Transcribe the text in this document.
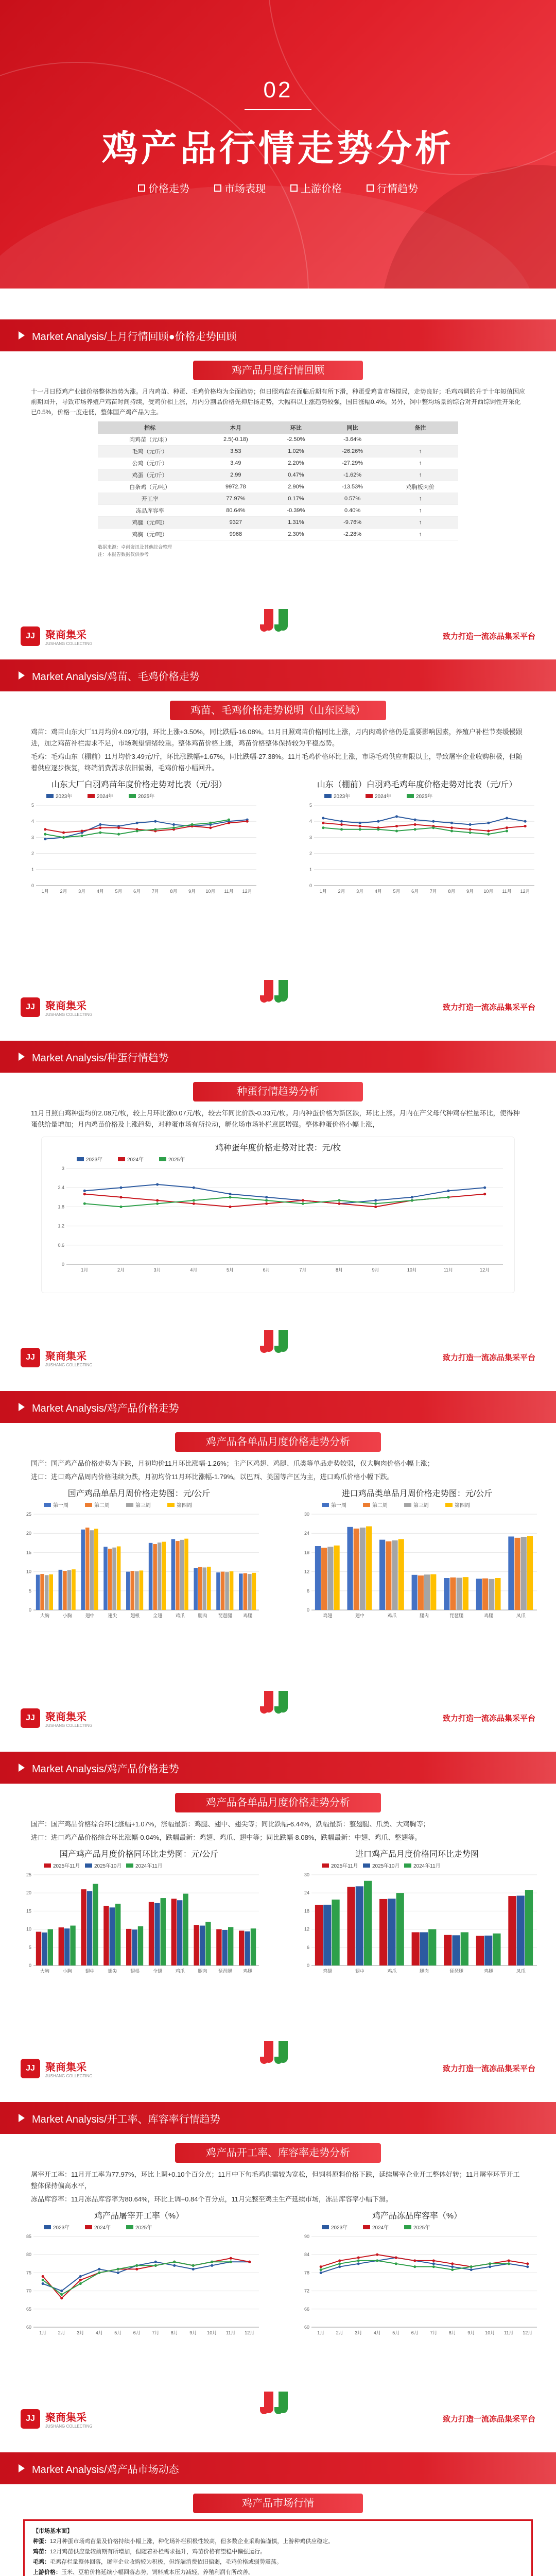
02
鸡产品行情走势分析
价格走势	市场表现	上游价格	行情趋势
Market Analysis/上月行情回顾●价格走势回顾
鸡产品月度行情回顾
十一月日照鸡产业链价格整体趋势为涨。月内鸡苗、种蛋、毛鸡价格均为全面趋势；但日照鸡苗在面临后期有所下滑，种蛋受鸡苗市场搅局，走势良好；毛鸡鸡调的升于十年短值因应前期回升，导致市场养殖户鸡苗时间持续，受鸡价相上涨，月内分割品价格先抑后扬走势，大幅料以上涨趋势较强，国日涨幅0.4%。另外，饲中整均场景的综合对开西综饲性开采化已0.5%，价格一度走低，整体国产鸡产品为主。
指标	本月	环比	同比	备注
肉鸡苗（元/羽）	2.5(-0.18)	-2.50%	-3.64%	
毛鸡（元/斤）	3.53	1.02%	-26.26%	↑
公鸡（元/斤）	3.49	2.20%	-27.29%	↑
鸡蛋（元/斤）	2.99	0.47%	-1.62%	↑
白条鸡（元/吨）	9972.78	2.90%	-13.53%	鸡胸板肉价
开工率	77.97%	0.17%	0.57%	↑
冻品库容率	80.64%	-0.39%	0.40%	↑
鸡腿（元/吨）	9327	1.31%	-9.76%	↑
鸡胸（元/吨）	9968	2.30%	-2.28%	↑
数据来源：卓创资讯及其他综合整理
注：本报告数据仅供参考
JJ	聚商集采
JUSHANG COLLECTING
致力打造一流冻品集采平台
Market Analysis/鸡苗、毛鸡价格走势
鸡苗、毛鸡价格走势说明（山东区域）

鸡苗：鸡苗山东大厂11月均价4.09元/羽，环比上涨+3.50%，同比跌幅-16.08%。11月日照鸡苗价格同比上涨，月内肉鸡价格仍是重要影响因素，养殖户补栏节奏缓慢跟进，加之鸡苗补栏需求不足，市场观望情绪较重。整体鸡苗价格上涨，鸡苗价格整体保持较为平稳态势。

毛鸡：毛鸡山东（棚前）11月均价3.49元/斤，环比涨跌幅+1.67%，同比跌幅-27.38%。11月毛鸡价格环比上涨，市场毛鸡供应有限以上，导致屠宰企业收购积极，但随着供应逐步恢复，终端消费需求依旧偏弱，毛鸡价格小幅回升。

山东大厂白羽鸡苗年度价格走势对比表（元/羽）
2023年	2024年	2025年
0
1
2
3
4
5
1月 2月 3月 4月 5月 6月 7月 8月 9月 10月 11月 12月
山东（棚前）白羽鸡毛鸡年度价格走势对比表（元/斤）
2023年	2024年	2025年
0
1
2
3
4
5
1月 2月 3月 4月 5月 6月 7月 8月 9月 10月 11月 12月
JJ	聚商集采
JUSHANG COLLECTING
致力打造一流冻品集采平台
Market Analysis/种蛋行情趋势
种蛋行情趋势分析
11月日照白鸡种蛋均价2.08元/枚，较上月环比涨0.07元/枚，较去年同比价跌-0.33元/枚。月内种蛋价格为新区跌，环比上涨。月内在产父母代种鸡存栏量环比，使得种蛋供给量增加；月内鸡苗价格及上涨趋势，对种蛋市场有所拉动，孵化场市场补栏意愿增强。整体种蛋价格小幅上涨，
鸡种蛋年度价格走势对比表：元/枚
2023年	2024年	2025年
0
0.6
1.2
1.8
2.4
3
1月	2月	3月	4月	5月	6月	7月	8月	9月	10月	11月	12月
JJ	聚商集采
JUSHANG COLLECTING
致力打造一流冻品集采平台
Market Analysis/鸡产品价格走势
鸡产品各单品月度价格走势分析

国产：国产鸡产品价格走势为下跌，月初均价11月环比涨幅-1.26%；主产区鸡翅、鸡腿、爪类等单品走势较弱，仅大胸肉价格小幅上涨；

进口：进口鸡产品周内价格陆续为跌，月初均价11月环比涨幅-1.79%。以巴西、美国等产区为主，进口鸡爪价格小幅下跌。

国产鸡品单品月周价格走势图：元/公斤
第一周	第二周	第三周	第四周
0
5
10
15
20
25
大胸	小胸	翅中	翅尖	翅根	全翅	鸡爪	腿肉 琵琶腿 鸡腿
进口鸡品类单品月周价格走势图：元/公斤
第一周	第二周	第三周	第四周
0
6
12
18
24
30
鸡翅	翅中	鸡爪	腿肉	琵琶腿	鸡腿	凤爪
JJ	聚商集采
JUSHANG COLLECTING
致力打造一流冻品集采平台
Market Analysis/鸡产品价格走势
鸡产品各单品月度价格走势分析

国产：国产鸡品价格综合环比涨幅+1.07%，涨幅最新：鸡腿、翅中、翅尖等；同比跌幅-6.44%，跌幅最新：整翅腿、爪类、大鸡胸等；

进口：进口鸡产品价格综合环比涨幅-0.04%，跌幅最新：鸡翅、鸡爪、翅中等；同比跌幅-8.08%，跌幅最新：中翅、鸡爪、整翅等。

国产鸡产品月度价格同环比走势图：元/公斤
2025年11月	2025年10月	2024年11月
0
5
10
15
20
25
大胸	小胸	翅中	翅尖	翅根	全翅	鸡爪	腿肉 琵琶腿 鸡腿
进口鸡产品月度价格同环比走势图
2025年11月	2025年10月	2024年11月
0
6
12
18
24
30
鸡翅	翅中	鸡爪	腿肉	琵琶腿	鸡腿	凤爪
JJ	聚商集采
JUSHANG COLLECTING
致力打造一流冻品集采平台
Market Analysis/开工率、库容率行情趋势
鸡产品开工率、库容率走势分析

屠宰开工率：11月开工率为77.97%，环比上调+0.10个百分点；11月中下旬毛鸡供需较为宽松，但饲料原料价格下跌，延续屠宰企业开工整体好转；11月屠宰环节开工整体保持偏高水平，

冻品库容率：11月冻品库容率为80.64%，环比上调+0.84个百分点，11月完整至鸡主生产延续市场，冻品库容率小幅下滑。

鸡产品屠宰开工率（%）
2023年	2024年	2025年
60
65
70
75
80
85
1月 2月 3月 4月 5月 6月 7月 8月 9月 10月 11月 12月
鸡产品冻品库容率（%）
2023年	2024年	2025年
60
66
72
78
84
90
1月 2月 3月 4月 5月 6月 7月 8月 9月 10月 11月 12月
JJ	聚商集采
JUSHANG COLLECTING
致力打造一流冻品集采平台
Market Analysis/鸡产品市场动态
鸡产品市场行情
【市场基本面】
种蛋：12月种蛋市场鸡苗量及价格持续小幅上涨，种化场补栏积极性较高，但多数企业采购偏谨慎，上游种鸡供应稳定。
鸡苗：12月鸡苗供应量较前期有所增加，但随着补栏需求提升，鸡苗价格有望稳中偏强运行。
毛鸡：毛鸡存栏量整体回落，屠宰企业收购较为积极，但终端消费依旧偏弱，毛鸡价格或弱势震荡。
上游价格：玉米、豆粕价格延续小幅回落态势，饲料成本压力减轻，养殖利润有所改善。
